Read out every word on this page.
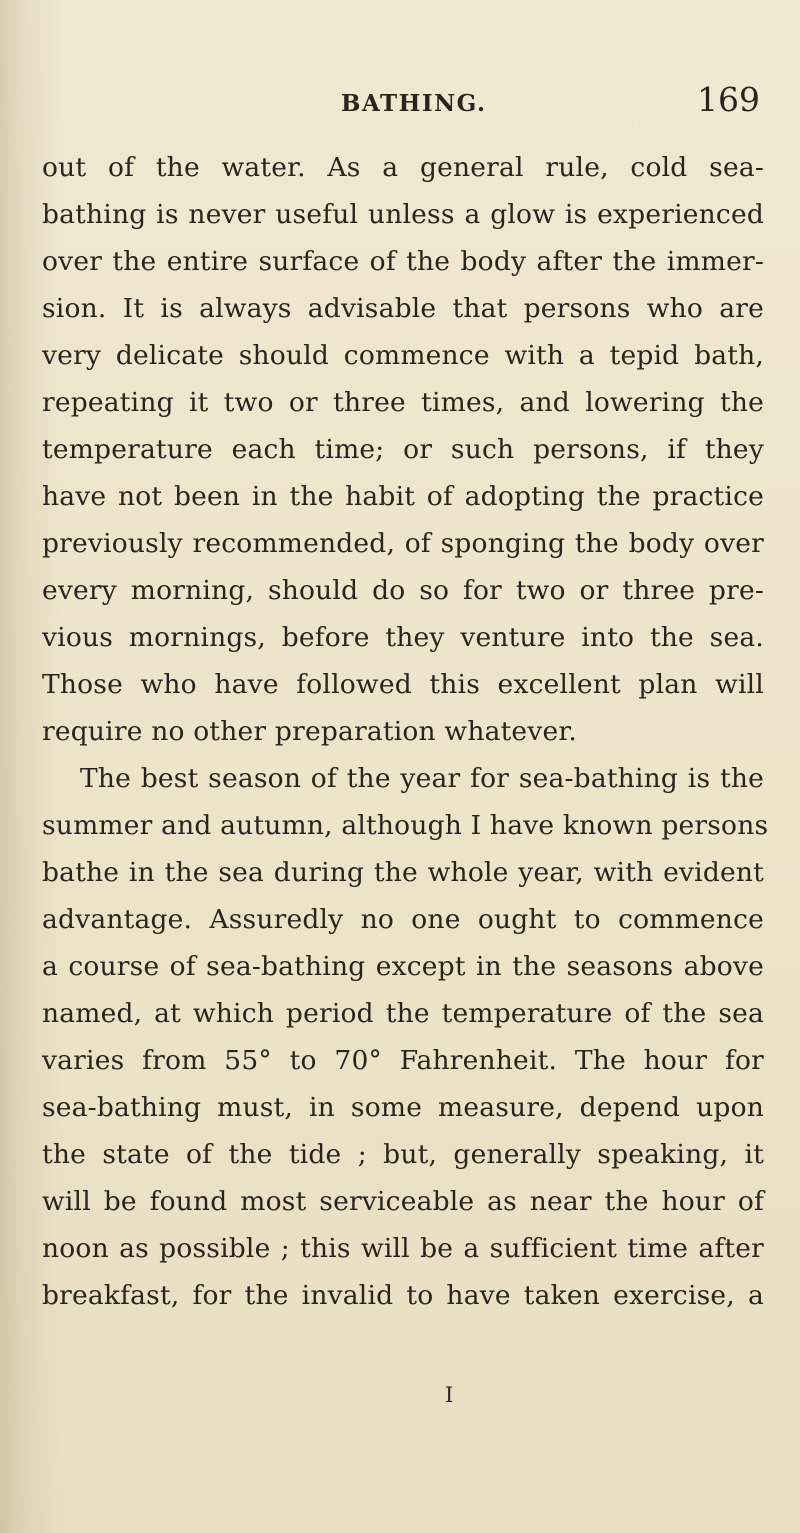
BATHING.	169
out of the water. As a general rule, cold sea-
bathing is never useful unless a glow is experienced
over the entire surface of the body after the immer-
sion. It is always advisable that persons who are
very delicate should commence with a tepid bath,
repeating it two or three times, and lowering the
temperature each time; or such persons, if they
have not been in the habit of adopting the practice
previously recommended, of sponging the body over
every morning, should do so for two or three pre-
vious mornings, before they venture into the sea.
Those who have followed this excellent plan will
require no other preparation whatever.
The best season of the year for sea-bathing is the
summer and autumn, although I have known persons
bathe in the sea during the whole year, with evident
advantage. Assuredly no one ought to commence
a course of sea-bathing except in the seasons above
named, at which period the temperature of the sea
varies from 55° to 70° Fahrenheit. The hour for
sea-bathing must, in some measure, depend upon
the state of the tide ; but, generally speaking, it
will be found most serviceable as near the hour of
noon as possible ; this will be a sufficient time after
breakfast, for the invalid to have taken exercise, a
I
